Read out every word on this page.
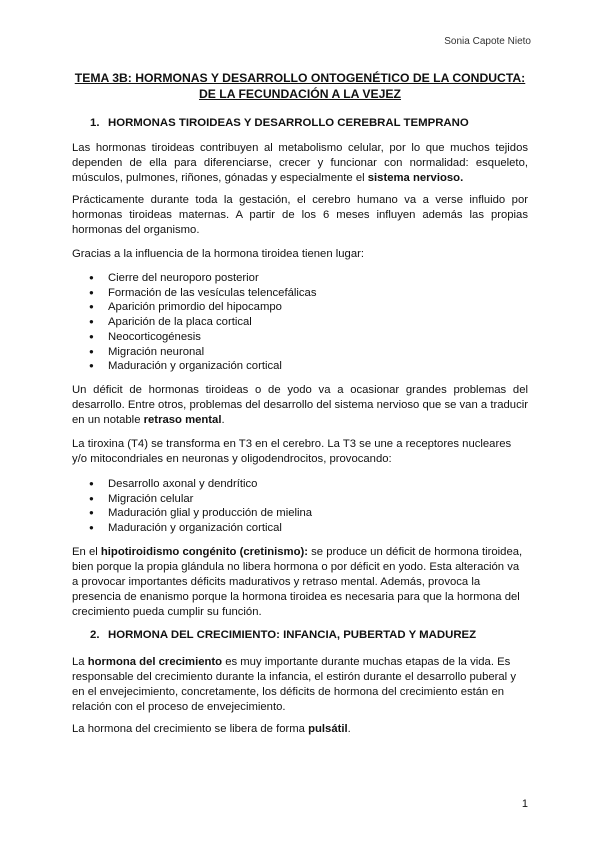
Sonia Capote Nieto
TEMA 3B: HORMONAS Y DESARROLLO ONTOGENÉTICO DE LA CONDUCTA:
DE LA FECUNDACIÓN A LA VEJEZ
1. HORMONAS TIROIDEAS Y DESARROLLO CEREBRAL TEMPRANO

Las hormonas tiroideas contribuyen al metabolismo celular, por lo que muchos tejidos dependen de ella para diferenciarse, crecer y funcionar con normalidad: esqueleto, músculos, pulmones, riñones, gónadas y especialmente el sistema nervioso.

Prácticamente durante toda la gestación, el cerebro humano va a verse influido por hormonas tiroideas maternas. A partir de los 6 meses influyen además las propias hormonas del organismo.

Gracias a la influencia de la hormona tiroidea tienen lugar:

● Cierre del neuroporo posterior
● Formación de las vesículas telencefálicas
● Aparición primordio del hipocampo
● Aparición de la placa cortical
● Neocorticogénesis
● Migración neuronal
● Maduración y organización cortical

Un déficit de hormonas tiroideas o de yodo va a ocasionar grandes problemas del desarrollo. Entre otros, problemas del desarrollo del sistema nervioso que se van a traducir en un notable retraso mental.

La tiroxina (T4) se transforma en T3 en el cerebro. La T3 se une a receptores nucleares y/o mitocondriales en neuronas y oligodendrocitos, provocando:

● Desarrollo axonal y dendrítico
● Migración celular
● Maduración glial y producción de mielina
● Maduración y organización cortical

En el hipotiroidismo congénito (cretinismo): se produce un déficit de hormona tiroidea, bien porque la propia glándula no libera hormona o por déficit en yodo. Esta alteración va a provocar importantes déficits madurativos y retraso mental. Además, provoca la presencia de enanismo porque la hormona tiroidea es necesaria para que la hormona del crecimiento pueda cumplir su función.

2. HORMONA DEL CRECIMIENTO: INFANCIA, PUBERTAD Y MADUREZ

La hormona del crecimiento es muy importante durante muchas etapas de la vida. Es responsable del crecimiento durante la infancia, el estirón durante el desarrollo puberal y en el envejecimiento, concretamente, los déficits de hormona del crecimiento están en relación con el proceso de envejecimiento.

La hormona del crecimiento se libera de forma pulsátil.

1
